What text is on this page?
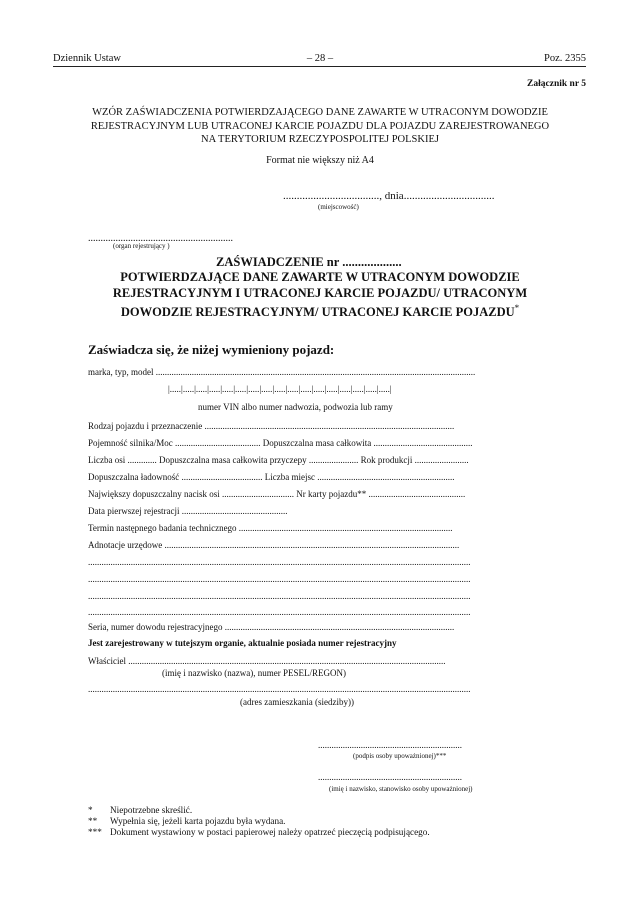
Dziennik Ustaw	– 28 –	Poz. 2355
Załącznik nr 5
WZÓR ZAŚWIADCZENIA POTWIERDZAJĄCEGO DANE ZAWARTE W UTRACONYM DOWODZIE
REJESTRACYJNYM LUB UTRACONEJ KARCIE POJAZDU DLA POJAZDU ZAREJESTROWANEGO
NA TERYTORIUM RZECZYPOSPOLITEJ POLSKIEJ
Format nie większy niż A4
..................................., dnia.................................
(miejscowość)
..........................................................
(organ rejestrujący )
ZAŚWIADCZENIE nr ...................
POTWIERDZAJĄCE DANE ZAWARTE W UTRACONYM DOWODZIE
REJESTRACYJNYM I UTRACONEJ KARCIE POJAZDU/ UTRACONYM
DOWODZIE REJESTRACYJNYM/ UTRACONEJ KARCIE POJAZDU*
Zaświadcza się, że niżej wymieniony pojazd:
marka, typ, model ..............................................................................................................................................
|.....|.....|.....|.....|.....|.....|.....|.....|.....|.....|.....|.....|.....|.....|.....|.....|.....|
numer VIN albo numer nadwozia, podwozia lub ramy
Rodzaj pojazdu i przeznaczenie ...............................................................................................................
Pojemność silnika/Moc ...................................... Dopuszczalna masa całkowita ............................................
Liczba osi ............. Dopuszczalna masa całkowita przyczepy ...................... Rok produkcji ........................
Dopuszczalna ładowność .................................... Liczba miejsc .............................................................
Największy dopuszczalny nacisk osi ................................ Nr karty pojazdu** ...........................................
Data pierwszej rejestracji ...............................................
Termin następnego badania technicznego ...............................................................................................
Adnotacje urzędowe ...................................................................................................................................
..........................................................................................................................................................................
..........................................................................................................................................................................
..........................................................................................................................................................................
..........................................................................................................................................................................
Seria, numer dowodu rejestracyjnego ......................................................................................................
Jest zarejestrowany w tutejszym organie, aktualnie posiada numer rejestracyjny
Właściciel .............................................................................................................................................
(imię i nazwisko (nazwa), numer PESEL/REGON)
..........................................................................................................................................................................
(adres zamieszkania (siedziby))
................................................................
(podpis osoby upoważnionej)***
................................................................
(imię i nazwisko, stanowisko osoby upoważnionej)
* Niepotrzebne skreślić.
** Wypełnia się, jeżeli karta pojazdu była wydana.
*** Dokument wystawiony w postaci papierowej należy opatrzeć pieczęcią podpisującego.
